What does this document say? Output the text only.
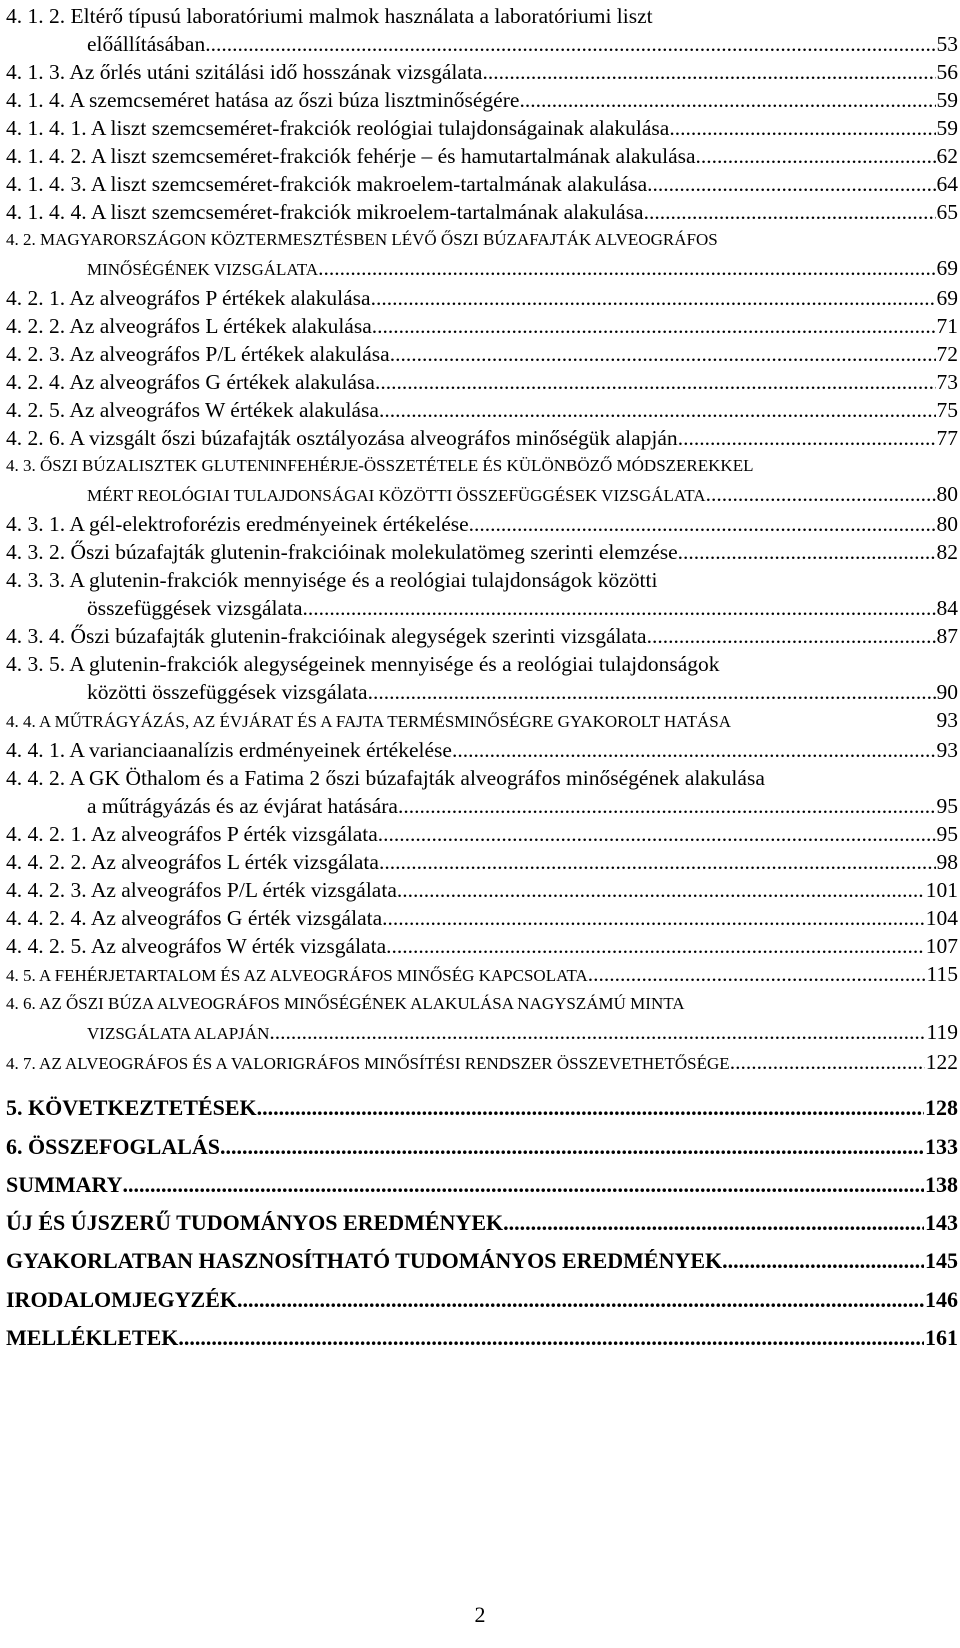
4. 1. 2. Eltérő típusú laboratóriumi malmok használata a laboratóriumi liszt
előállításában .....	53
4. 1. 3. Az őrlés utáni szitálási idő hosszának vizsgálata .....	56
4. 1. 4. A szemcseméret hatása az őszi búza lisztminőségére .....	59
4. 1. 4. 1. A liszt szemcseméret-frakciók reológiai tulajdonságainak alakulása .....	59
4. 1. 4. 2. A liszt szemcseméret-frakciók fehérje – és hamutartalmának alakulása .....	62
4. 1. 4. 3. A liszt szemcseméret-frakciók makroelem-tartalmának alakulása .....	64
4. 1. 4. 4. A liszt szemcseméret-frakciók mikroelem-tartalmának alakulása .....	65
4. 2. MAGYARORSZÁGON KÖZTERMESZTÉSBEN LÉVŐ ŐSZI BÚZAFAJTÁK ALVEOGRÁFOS
MINŐSÉGÉNEK VIZSGÁLATA .....	69
4. 2. 1. Az alveográfos P értékek alakulása .....	69
4. 2. 2. Az alveográfos L értékek alakulása .....	71
4. 2. 3. Az alveográfos P/L értékek alakulása .....	72
4. 2. 4. Az alveográfos G értékek alakulása .....	73
4. 2. 5. Az alveográfos W értékek alakulása .....	75
4. 2. 6. A vizsgált őszi búzafajták osztályozása alveográfos minőségük alapján .....	77
4. 3. ŐSZI BÚZALISZTEK GLUTENINFEHÉRJE-ÖSSZETÉTELE ÉS KÜLÖNBÖZŐ MÓDSZEREKKEL
MÉRT REOLÓGIAI TULAJDONSÁGAI KÖZÖTTI ÖSSZEFÜGGÉSEK VIZSGÁLATA .....	80
4. 3. 1. A gél-elektroforézis eredményeinek értékelése .....	80
4. 3. 2. Őszi búzafajták glutenin-frakcióinak molekulatömeg szerinti elemzése .....	82
4. 3. 3. A glutenin-frakciók mennyisége és a reológiai tulajdonságok közötti
összefüggések vizsgálata .....	84
4. 3. 4. Őszi búzafajták glutenin-frakcióinak alegységek szerinti vizsgálata .....	87
4. 3. 5. A glutenin-frakciók alegységeinek mennyisége és a reológiai tulajdonságok
közötti összefüggések vizsgálata .....	90
4. 4. A MŰTRÁGYÁZÁS, AZ ÉVJÁRAT ÉS A FAJTA TERMÉSMINŐSÉGRE GYAKOROLT HATÁSA	93
4. 4. 1. A varianciaanalízis erdményeinek értékelése .....	93
4. 4. 2. A GK Öthalom és a Fatima 2 őszi búzafajták alveográfos minőségének alakulása
a műtrágyázás és az évjárat hatására .....	95
4. 4. 2. 1. Az alveográfos P érték vizsgálata .....	95
4. 4. 2. 2. Az alveográfos L érték vizsgálata .....	98
4. 4. 2. 3. Az alveográfos P/L érték vizsgálata .....	101
4. 4. 2. 4. Az alveográfos G érték vizsgálata .....	104
4. 4. 2. 5. Az alveográfos W érték vizsgálata .....	107
4. 5. A FEHÉRJETARTALOM ÉS AZ ALVEOGRÁFOS MINŐSÉG KAPCSOLATA .....	115
4. 6. AZ ŐSZI BÚZA ALVEOGRÁFOS MINŐSÉGÉNEK ALAKULÁSA NAGYSZÁMÚ MINTA
VIZSGÁLATA ALAPJÁN .....	119
4. 7. AZ ALVEOGRÁFOS ÉS A VALORIGRÁFOS MINŐSÍTÉSI RENDSZER ÖSSZEVETHETŐSÉGE .....	122
5. KÖVETKEZTETÉSEK .....	128
6. ÖSSZEFOGLALÁS .....	133
SUMMARY .....	138
ÚJ ÉS ÚJSZERŰ TUDOMÁNYOS EREDMÉNYEK .....	143
GYAKORLATBAN HASZNOSÍTHATÓ TUDOMÁNYOS EREDMÉNYEK .....	145
IRODALOMJEGYZÉK .....	146
MELLÉKLETEK .....	161
2
